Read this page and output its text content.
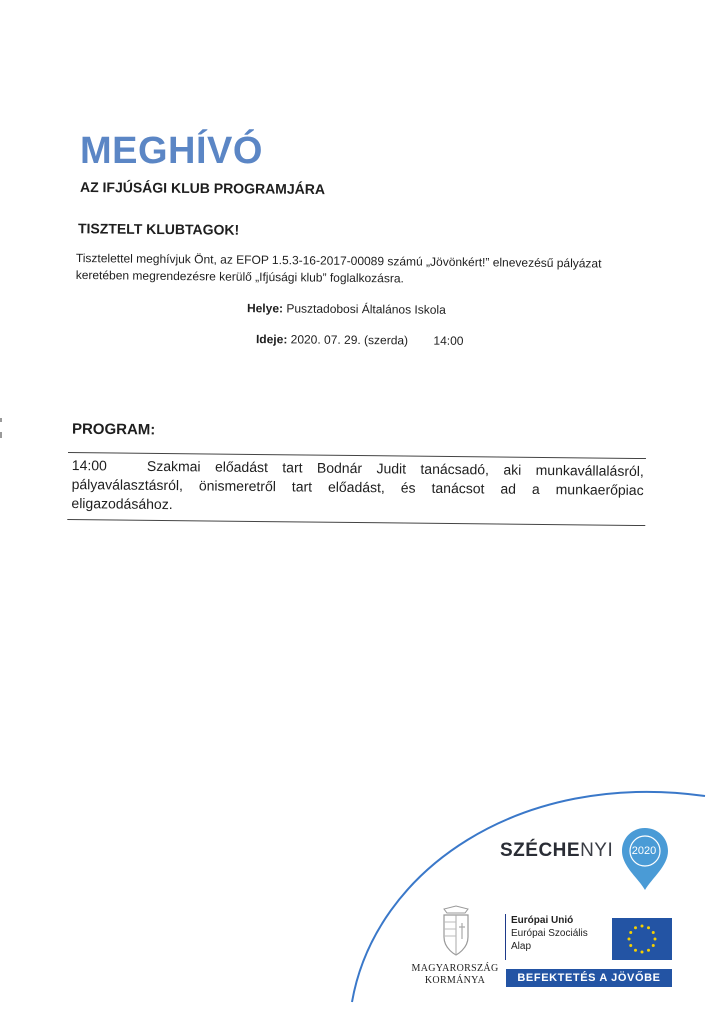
MEGHÍVÓ
AZ IFJÚSÁGI KLUB PROGRAMJÁRA
TISZTELT KLUBTAGOK!
Tisztelettel meghívjuk Önt, az EFOP 1.5.3-16-2017-00089 számú „Jövönkért!” elnevezésű pályázat keretében megrendezésre kerülő „Ifjúsági klub” foglalkozásra.
Helye: Pusztadobosi Általános Iskola
Ideje: 2020. 07. 29. (szerda) 14:00
PROGRAM:
14:00	Szakmai előadást tart Bodnár Judit tanácsadó, aki munkavállalásról, pályaválasztásról, önismeretről tart előadást, és tanácsot ad a munkaerőpiac eligazodásához.
SZÉCHENYI	2020
MAGYARORSZÁG
KORMÁNYA
Európai Unió
Európai Szociális
Alap
BEFEKTETÉS A JÖVŐBE
